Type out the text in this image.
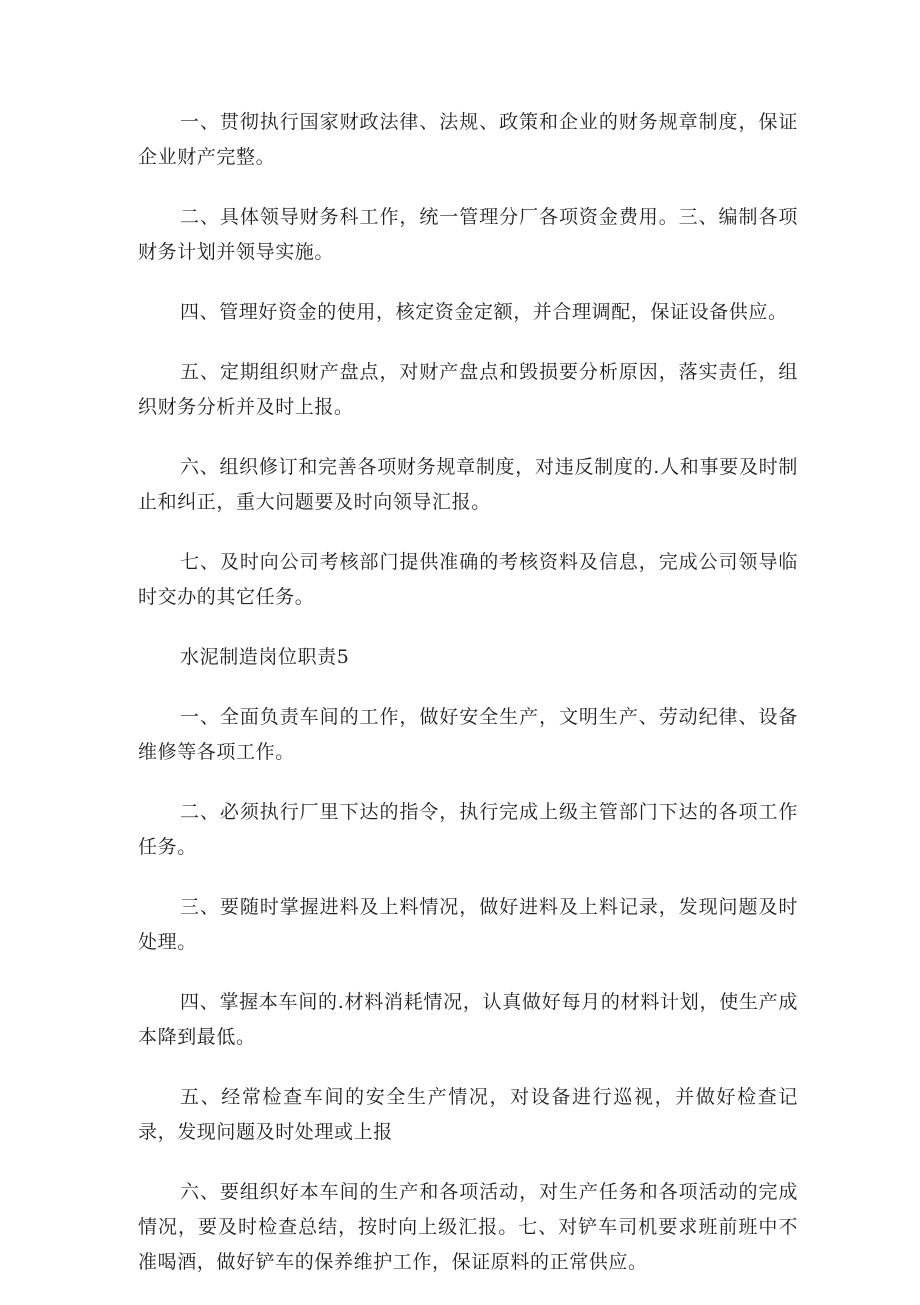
一、贯彻执行国家财政法律、法规、政策和企业的财务规章制度，保证企业财产完整。

二、具体领导财务科工作，统一管理分厂各项资金费用。三、编制各项财务计划并领导实施。

四、管理好资金的使用，核定资金定额，并合理调配，保证设备供应。

五、定期组织财产盘点，对财产盘点和毁损要分析原因，落实责任，组织财务分析并及时上报。

六、组织修订和完善各项财务规章制度，对违反制度的.人和事要及时制止和纠正，重大问题要及时向领导汇报。

七、及时向公司考核部门提供准确的考核资料及信息，完成公司领导临时交办的其它任务。

水泥制造岗位职责5

一、全面负责车间的工作，做好安全生产，文明生产、劳动纪律、设备维修等各项工作。

二、必须执行厂里下达的指令，执行完成上级主管部门下达的各项工作任务。

三、要随时掌握进料及上料情况，做好进料及上料记录，发现问题及时处理。

四、掌握本车间的.材料消耗情况，认真做好每月的材料计划，使生产成本降到最低。

五、经常检查车间的安全生产情况，对设备进行巡视，并做好检查记录，发现问题及时处理或上报

六、要组织好本车间的生产和各项活动，对生产任务和各项活动的完成情况，要及时检查总结，按时向上级汇报。七、对铲车司机要求班前班中不准喝酒，做好铲车的保养维护工作，保证原料的正常供应。
